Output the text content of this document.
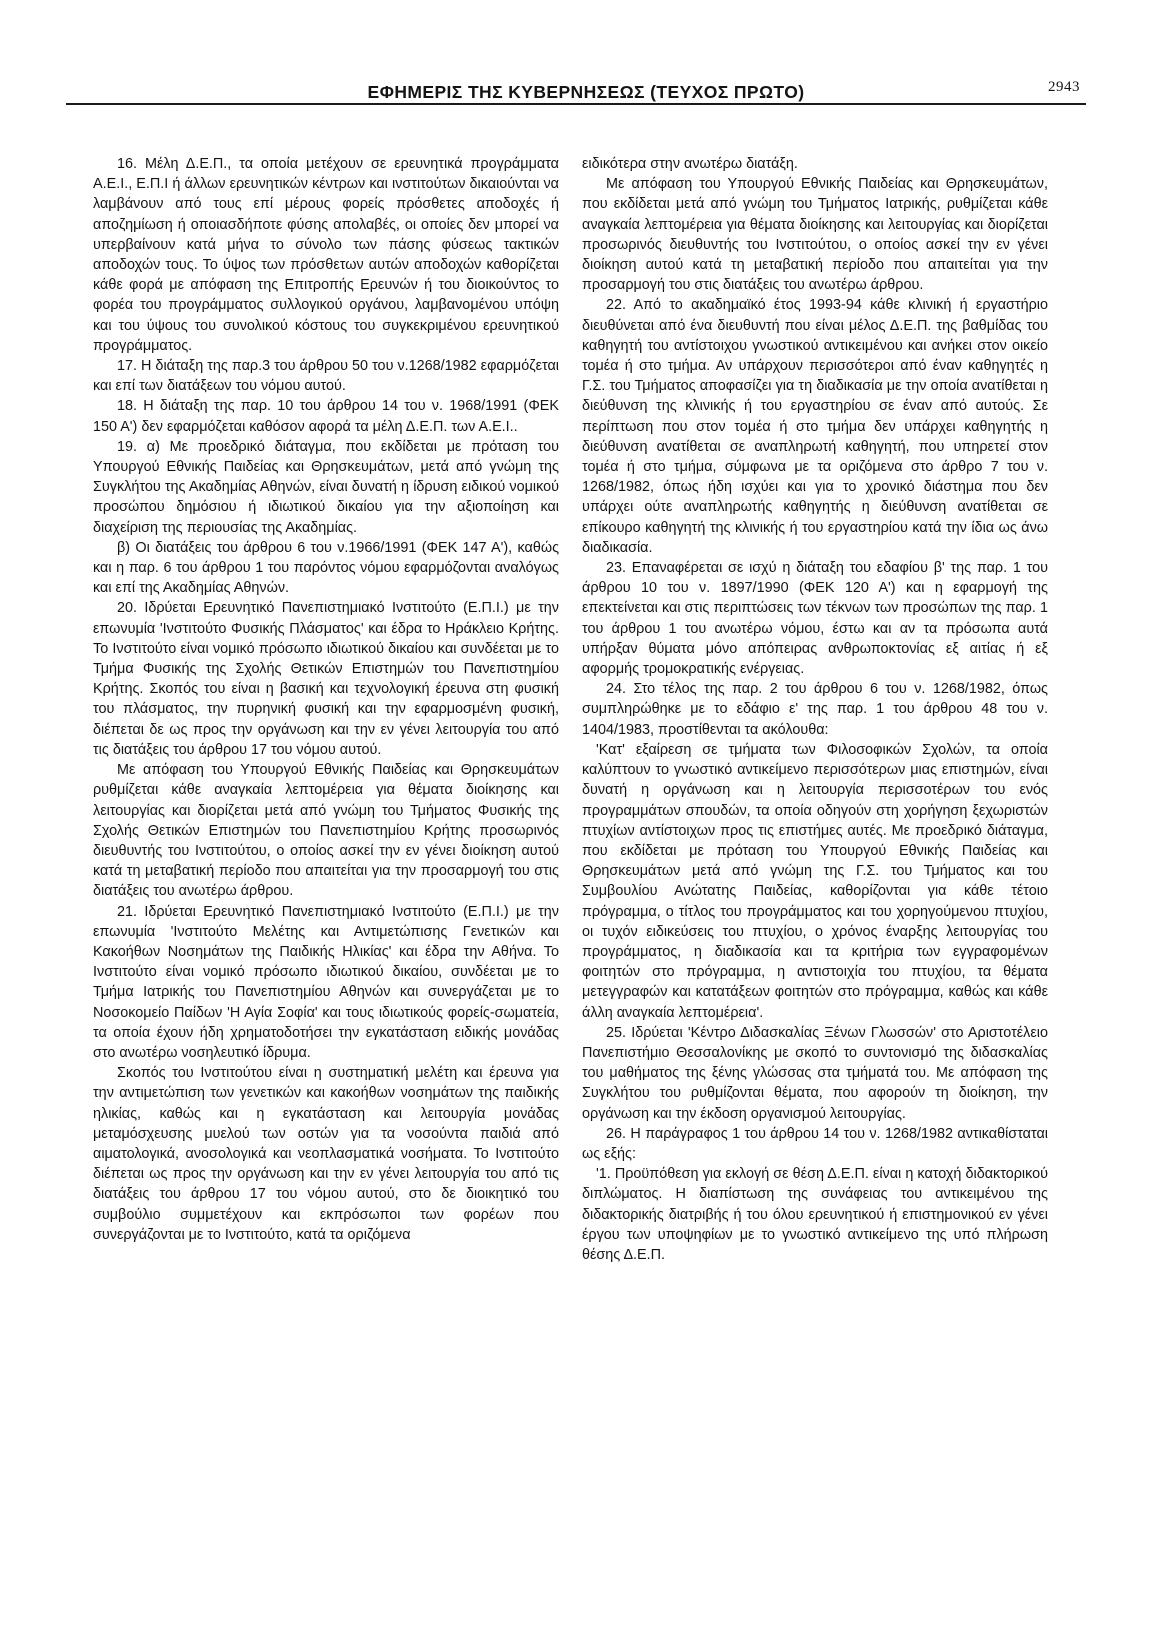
ΕΦΗΜΕΡΙΣ ΤΗΣ ΚΥΒΕΡΝΗΣΕΩΣ (ΤΕΥΧΟΣ ΠΡΩΤΟ)	2943

16. Μέλη Δ.Ε.Π., τα οποία μετέχουν σε ερευνητικά προγράμματα Α.Ε.Ι., Ε.Π.Ι ή άλλων ερευνητικών κέντρων και ινστιτούτων δικαιούνται να λαμβάνουν από τους επί μέρους φορείς πρόσθετες αποδοχές ή αποζημίωση ή οποιασδήποτε φύσης απολαβές, οι οποίες δεν μπορεί να υπερβαίνουν κατά μήνα το σύνολο των πάσης φύσεως τακτικών αποδοχών τους. Το ύψος των πρόσθετων αυτών αποδοχών καθορίζεται κάθε φορά με απόφαση της Επιτροπής Ερευνών ή του διοικούντος το φορέα του προγράμματος συλλογικού οργάνου, λαμβανομένου υπόψη και του ύψους του συνολικού κόστους του συγκεκριμένου ερευνητικού προγράμματος.

17. Η διάταξη της παρ.3 του άρθρου 50 του ν.1268/1982 εφαρμόζεται και επί των διατάξεων του νόμου αυτού.

18. Η διάταξη της παρ. 10 του άρθρου 14 του ν. 1968/1991 (ΦΕΚ 150 Α') δεν εφαρμόζεται καθόσον αφορά τα μέλη Δ.Ε.Π. των Α.Ε.Ι..

19. α) Με προεδρικό διάταγμα, που εκδίδεται με πρόταση του Υπουργού Εθνικής Παιδείας και Θρησκευμάτων, μετά από γνώμη της Συγκλήτου της Ακαδημίας Αθηνών, είναι δυνατή η ίδρυση ειδικού νομικού προσώπου δημόσιου ή ιδιωτικού δικαίου για την αξιοποίηση και διαχείριση της περιουσίας της Ακαδημίας.

β) Οι διατάξεις του άρθρου 6 του ν.1966/1991 (ΦΕΚ 147 Α'), καθώς και η παρ. 6 του άρθρου 1 του παρόντος νόμου εφαρμόζονται αναλόγως και επί της Ακαδημίας Αθηνών.

20. Ιδρύεται Ερευνητικό Πανεπιστημιακό Ινστιτούτο (Ε.Π.Ι.) με την επωνυμία 'Ινστιτούτο Φυσικής Πλάσματος' και έδρα το Ηράκλειο Κρήτης. Το Ινστιτούτο είναι νομικό πρόσωπο ιδιωτικού δικαίου και συνδέεται με το Τμήμα Φυσικής της Σχολής Θετικών Επιστημών του Πανεπιστημίου Κρήτης. Σκοπός του είναι η βασική και τεχνολογική έρευνα στη φυσική του πλάσματος, την πυρηνική φυσική και την εφαρμοσμένη φυσική, διέπεται δε ως προς την οργάνωση και την εν γένει λειτουργία του από τις διατάξεις του άρθρου 17 του νόμου αυτού.

Με απόφαση του Υπουργού Εθνικής Παιδείας και Θρησκευμάτων ρυθμίζεται κάθε αναγκαία λεπτομέρεια για θέματα διοίκησης και λειτουργίας και διορίζεται μετά από γνώμη του Τμήματος Φυσικής της Σχολής Θετικών Επιστημών του Πανεπιστημίου Κρήτης προσωρινός διευθυντής του Ινστιτούτου, ο οποίος ασκεί την εν γένει διοίκηση αυτού κατά τη μεταβατική περίοδο που απαιτείται για την προσαρμογή του στις διατάξεις του ανωτέρω άρθρου.

21. Ιδρύεται Ερευνητικό Πανεπιστημιακό Ινστιτούτο (Ε.Π.Ι.) με την επωνυμία 'Ινστιτούτο Μελέτης και Αντιμετώπισης Γενετικών και Κακοήθων Νοσημάτων της Παιδικής Ηλικίας' και έδρα την Αθήνα. Το Ινστιτούτο είναι νομικό πρόσωπο ιδιωτικού δικαίου, συνδέεται με το Τμήμα Ιατρικής του Πανεπιστημίου Αθηνών και συνεργάζεται με το Νοσοκομείο Παίδων 'Η Αγία Σοφία' και τους ιδιωτικούς φορείς-σωματεία, τα οποία έχουν ήδη χρηματοδοτήσει την εγκατάσταση ειδικής μονάδας στο ανωτέρω νοσηλευτικό ίδρυμα.

Σκοπός του Ινστιτούτου είναι η συστηματική μελέτη και έρευνα για την αντιμετώπιση των γενετικών και κακοήθων νοσημάτων της παιδικής ηλικίας, καθώς και η εγκατάσταση και λειτουργία μονάδας μεταμόσχευσης μυελού των οστών για τα νοσούντα παιδιά από αιματολογικά, ανοσολογικά και νεοπλασματικά νοσήματα. Το Ινστιτούτο διέπεται ως προς την οργάνωση και την εν γένει λειτουργία του από τις διατάξεις του άρθρου 17 του νόμου αυτού, στο δε διοικητικό του συμβούλιο συμμετέχουν και εκπρόσωποι των φορέων που συνεργάζονται με το Ινστιτούτο, κατά τα οριζόμενα

ειδικότερα στην ανωτέρω διατάξη.

Με απόφαση του Υπουργού Εθνικής Παιδείας και Θρησκευμάτων, που εκδίδεται μετά από γνώμη του Τμήματος Ιατρικής, ρυθμίζεται κάθε αναγκαία λεπτομέρεια για θέματα διοίκησης και λειτουργίας και διορίζεται προσωρινός διευθυντής του Ινστιτούτου, ο οποίος ασκεί την εν γένει διοίκηση αυτού κατά τη μεταβατική περίοδο που απαιτείται για την προσαρμογή του στις διατάξεις του ανωτέρω άρθρου.

22. Από το ακαδημαϊκό έτος 1993-94 κάθε κλινική ή εργαστήριο διευθύνεται από ένα διευθυντή που είναι μέλος Δ.Ε.Π. της βαθμίδας του καθηγητή του αντίστοιχου γνωστικού αντικειμένου και ανήκει στον οικείο τομέα ή στο τμήμα. Αν υπάρχουν περισσότεροι από έναν καθηγητές η Γ.Σ. του Τμήματος αποφασίζει για τη διαδικασία με την οποία ανατίθεται η διεύθυνση της κλινικής ή του εργαστηρίου σε έναν από αυτούς. Σε περίπτωση που στον τομέα ή στο τμήμα δεν υπάρχει καθηγητής η διεύθυνση ανατίθεται σε αναπληρωτή καθηγητή, που υπηρετεί στον τομέα ή στο τμήμα, σύμφωνα με τα οριζόμενα στο άρθρο 7 του ν. 1268/1982, όπως ήδη ισχύει και για το χρονικό διάστημα που δεν υπάρχει ούτε αναπληρωτής καθηγητής η διεύθυνση ανατίθεται σε επίκουρο καθηγητή της κλινικής ή του εργαστηρίου κατά την ίδια ως άνω διαδικασία.

23. Επαναφέρεται σε ισχύ η διάταξη του εδαφίου β' της παρ. 1 του άρθρου 10 του ν. 1897/1990 (ΦΕΚ 120 Α') και η εφαρμογή της επεκτείνεται και στις περιπτώσεις των τέκνων των προσώπων της παρ. 1 του άρθρου 1 του ανωτέρω νόμου, έστω και αν τα πρόσωπα αυτά υπήρξαν θύματα μόνο απόπειρας ανθρωποκτονίας εξ αιτίας ή εξ αφορμής τρομοκρατικής ενέργειας.

24. Στο τέλος της παρ. 2 του άρθρου 6 του ν. 1268/1982, όπως συμπληρώθηκε με το εδάφιο ε' της παρ. 1 του άρθρου 48 του ν. 1404/1983, προστίθενται τα ακόλουθα:

'Κατ' εξαίρεση σε τμήματα των Φιλοσοφικών Σχολών, τα οποία καλύπτουν το γνωστικό αντικείμενο περισσότερων μιας επιστημών, είναι δυνατή η οργάνωση και η λειτουργία περισσοτέρων του ενός προγραμμάτων σπουδών, τα οποία οδηγούν στη χορήγηση ξεχωριστών πτυχίων αντίστοιχων προς τις επιστήμες αυτές. Με προεδρικό διάταγμα, που εκδίδεται με πρόταση του Υπουργού Εθνικής Παιδείας και Θρησκευμάτων μετά από γνώμη της Γ.Σ. του Τμήματος και του Συμβουλίου Ανώτατης Παιδείας, καθορίζονται για κάθε τέτοιο πρόγραμμα, ο τίτλος του προγράμματος και του χορηγούμενου πτυχίου, οι τυχόν ειδικεύσεις του πτυχίου, ο χρόνος έναρξης λειτουργίας του προγράμματος, η διαδικασία και τα κριτήρια των εγγραφομένων φοιτητών στο πρόγραμμα, η αντιστοιχία του πτυχίου, τα θέματα μετεγγραφών και κατατάξεων φοιτητών στο πρόγραμμα, καθώς και κάθε άλλη αναγκαία λεπτομέρεια'.

25. Ιδρύεται 'Κέντρο Διδασκαλίας Ξένων Γλωσσών' στο Αριστοτέλειο Πανεπιστήμιο Θεσσαλονίκης με σκοπό το συντονισμό της διδασκαλίας του μαθήματος της ξένης γλώσσας στα τμήματά του. Με απόφαση της Συγκλήτου του ρυθμίζονται θέματα, που αφορούν τη διοίκηση, την οργάνωση και την έκδοση οργανισμού λειτουργίας.

26. Η παράγραφος 1 του άρθρου 14 του ν. 1268/1982 αντικαθίσταται ως εξής:

'1. Προϋπόθεση για εκλογή σε θέση Δ.Ε.Π. είναι η κατοχή διδακτορικού διπλώματος. Η διαπίστωση της συνάφειας του αντικειμένου της διδακτορικής διατριβής ή του όλου ερευνητικού ή επιστημονικού εν γένει έργου των υποψηφίων με το γνωστικό αντικείμενο της υπό πλήρωση θέσης Δ.Ε.Π.
